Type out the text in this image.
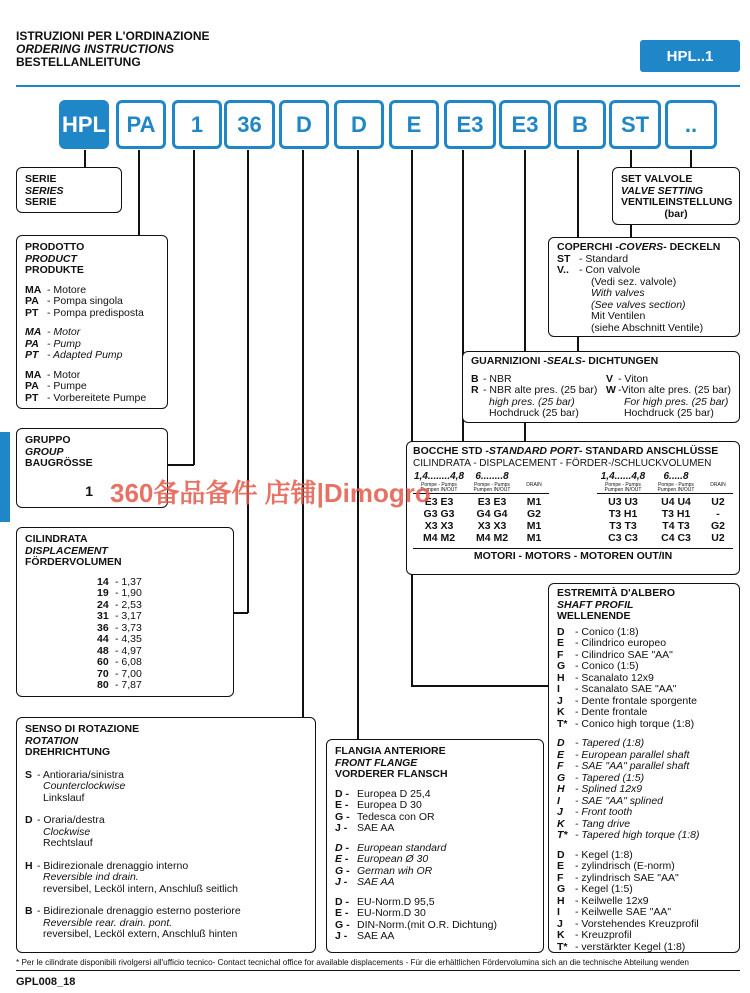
ISTRUZIONI PER L'ORDINAZIONE
ORDERING INSTRUCTIONS
BESTELLANLEITUNG	HPL..1
HPL PA	1	36	D	D	E	E3	E3	B	ST	..
SERIE
SERIES
SERIE
PRODOTTO
PRODUCT
PRODUKTE
MA - Motore
PA - Pompa singola
PT - Pompa predisposta
MA - Motor
PA - Pump
PT - Adapted Pump
MA - Motor
PA - Pumpe
PT - Vorbereitete Pumpe
GRUPPO
GROUP
BAUGRÖSSE
1
CILINDRATA
DISPLACEMENT
FÖRDERVOLUMEN
14 - 1,37
19 - 1,90
24 - 2,53
31 - 3,17
36 - 3,73
44 - 4,35
48 - 4,97
60 - 6,08
70 - 7,00
80 - 7,87
SENSO DI ROTAZIONE
ROTATION
DREHRICHTUNG
S - Antioraria/sinistra
Counterclockwise
Linkslauf
D - Oraria/destra
Clockwise
Rechtslauf
H - Bidirezionale drenaggio interno
Reversible ind drain.
reversibel, Lecköl intern, Anschluß seitlich
B - Bidirezionale drenaggio esterno posteriore
Reversible rear. drain. pont.
reversibel, Lecköl extern, Anschluß hinten
FLANGIA ANTERIORE
FRONT FLANGE
VORDERER FLANSCH
D - Europea D 25,4
E - Europea D 30
G - Tedesca con OR
J - SAE AA
D - European standard
E - European Ø 30
G - German wih OR
J - SAE AA
D - EU-Norm.D 95,5
E - EU-Norm.D 30
G - DIN-Norm.(mit O.R. Dichtung)
J - SAE AA
SET VALVOLE
VALVE SETTING
VENTILEINSTELLUNG
(bar)
COPERCHI - COVERS - DECKELN
ST - Standard
V.. - Con valvole
(Vedi sez. valvole)
With valves
(See valves section)
Mit Ventilen
(siehe Abschnitt Ventile)
GUARNIZIONI - SEALS - DICHTUNGEN
B - NBR
R - NBR alte pres. (25 bar)
high pres. (25 bar)
Hochdruck (25 bar)
V - Viton
W -Viton alte pres. (25 bar)
For high pres. (25 bar)
Hochdruck (25 bar)
BOCCHE STD - STANDARD PORT - STANDARD ANSCHLÜSSE
CILINDRATA - DISPLACEMENT - FÖRDER-/SCHLUCKVOLUMEN
1,4........4,8	6........8
Pompe - Pumps
Pumpen IN/OUT
Pompe - Pumps
Pumpen IN/OUT
DRAIN
E3 E3	E3 E3	M1
G3 G3	G4 G4	G2
X3 X3	X3 X3	M1
M4 M2	M4 M2	M1
1,4......4,8	6.....8
Pompe - Pumps
Pumpen IN/OUT
Pompe - Pumps
Pumpen IN/OUT
DRAIN
U3 U3	U4 U4	U2
T3 H1	T3 H1	-
T3 T3	T4 T3	G2
C3 C3	C4 C3	U2
MOTORI - MOTORS - MOTOREN OUT/IN
ESTREMITÀ D'ALBERO
SHAFT PROFIL
WELLENENDE
D - Conico (1:8)
E	- Cilindrico europeo
F	- Cilindrico SAE "AA"
G - Conico (1:5)
H - Scanalato 12x9
I	- Scanalato SAE "AA"
J	- Dente frontale sporgente
K - Dente frontale
T* - Conico high torque (1:8)
D - Tapered (1:8)
E	- European parallel shaft
F	- SAE "AA" parallel shaft
G - Tapered (1:5)
H - Splined 12x9
I	- SAE "AA" splined
J	- Front tooth
K - Tang drive
T* - Tapered high torque (1:8)
D - Kegel (1:8)
E	- zylindrisch (E-norm)
F	- zylindrisch SAE "AA"
G - Kegel (1:5)
H - Keilwelle 12x9
I	- Keilwelle SAE "AA"
J	- Vorstehendes Kreuzprofil
K - Kreuzprofil
T* - verstärkter Kegel (1:8)
360备品备件 店铺|Dimogro
* Per le cilindrate disponibili rivolgersi all'ufficio tecnico- Contact tecnichal office for available displacements - Für die erhältlichen Fördervolumina sich an die technische Abteilung wenden
GPL008_18
